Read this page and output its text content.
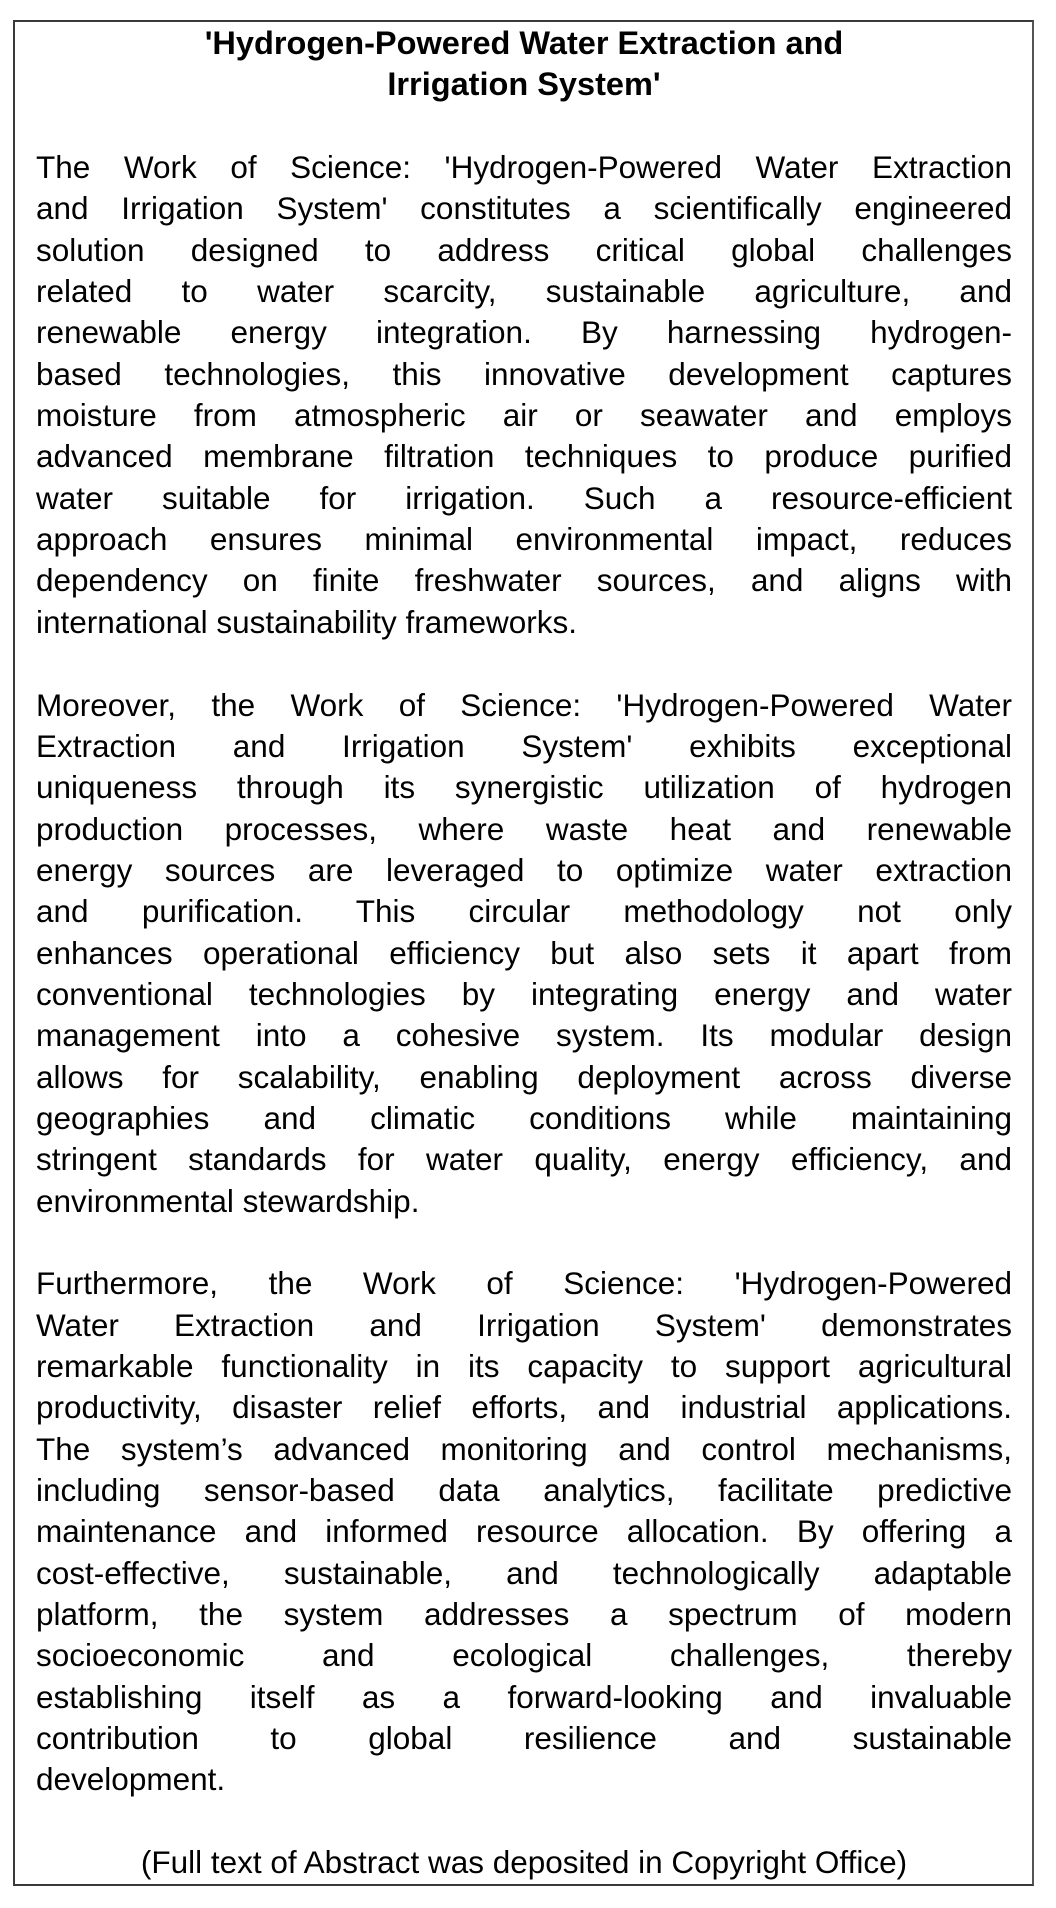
'Hydrogen-Powered Water Extraction and
Irrigation System'
The Work of Science: 'Hydrogen-Powered Water Extraction
and Irrigation System' constitutes a scientifically engineered
solution designed to address critical global challenges
related to water scarcity, sustainable agriculture, and
renewable energy integration. By harnessing hydrogen-
based technologies, this innovative development captures
moisture from atmospheric air or seawater and employs
advanced membrane filtration techniques to produce purified
water suitable for irrigation. Such a resource-efficient
approach ensures minimal environmental impact, reduces
dependency on finite freshwater sources, and aligns with
international sustainability frameworks.
Moreover, the Work of Science: 'Hydrogen-Powered Water
Extraction and Irrigation System' exhibits exceptional
uniqueness through its synergistic utilization of hydrogen
production processes, where waste heat and renewable
energy sources are leveraged to optimize water extraction
and purification. This circular methodology not only
enhances operational efficiency but also sets it apart from
conventional technologies by integrating energy and water
management into a cohesive system. Its modular design
allows for scalability, enabling deployment across diverse
geographies and climatic conditions while maintaining
stringent standards for water quality, energy efficiency, and
environmental stewardship.
Furthermore, the Work of Science: 'Hydrogen-Powered
Water Extraction and Irrigation System' demonstrates
remarkable functionality in its capacity to support agricultural
productivity, disaster relief efforts, and industrial applications.
The system’s advanced monitoring and control mechanisms,
including sensor-based data analytics, facilitate predictive
maintenance and informed resource allocation. By offering a
cost-effective, sustainable, and technologically adaptable
platform, the system addresses a spectrum of modern
socioeconomic and ecological challenges, thereby
establishing itself as a forward-looking and invaluable
contribution to global resilience and sustainable
development.
(Full text of Abstract was deposited in Copyright Office)
